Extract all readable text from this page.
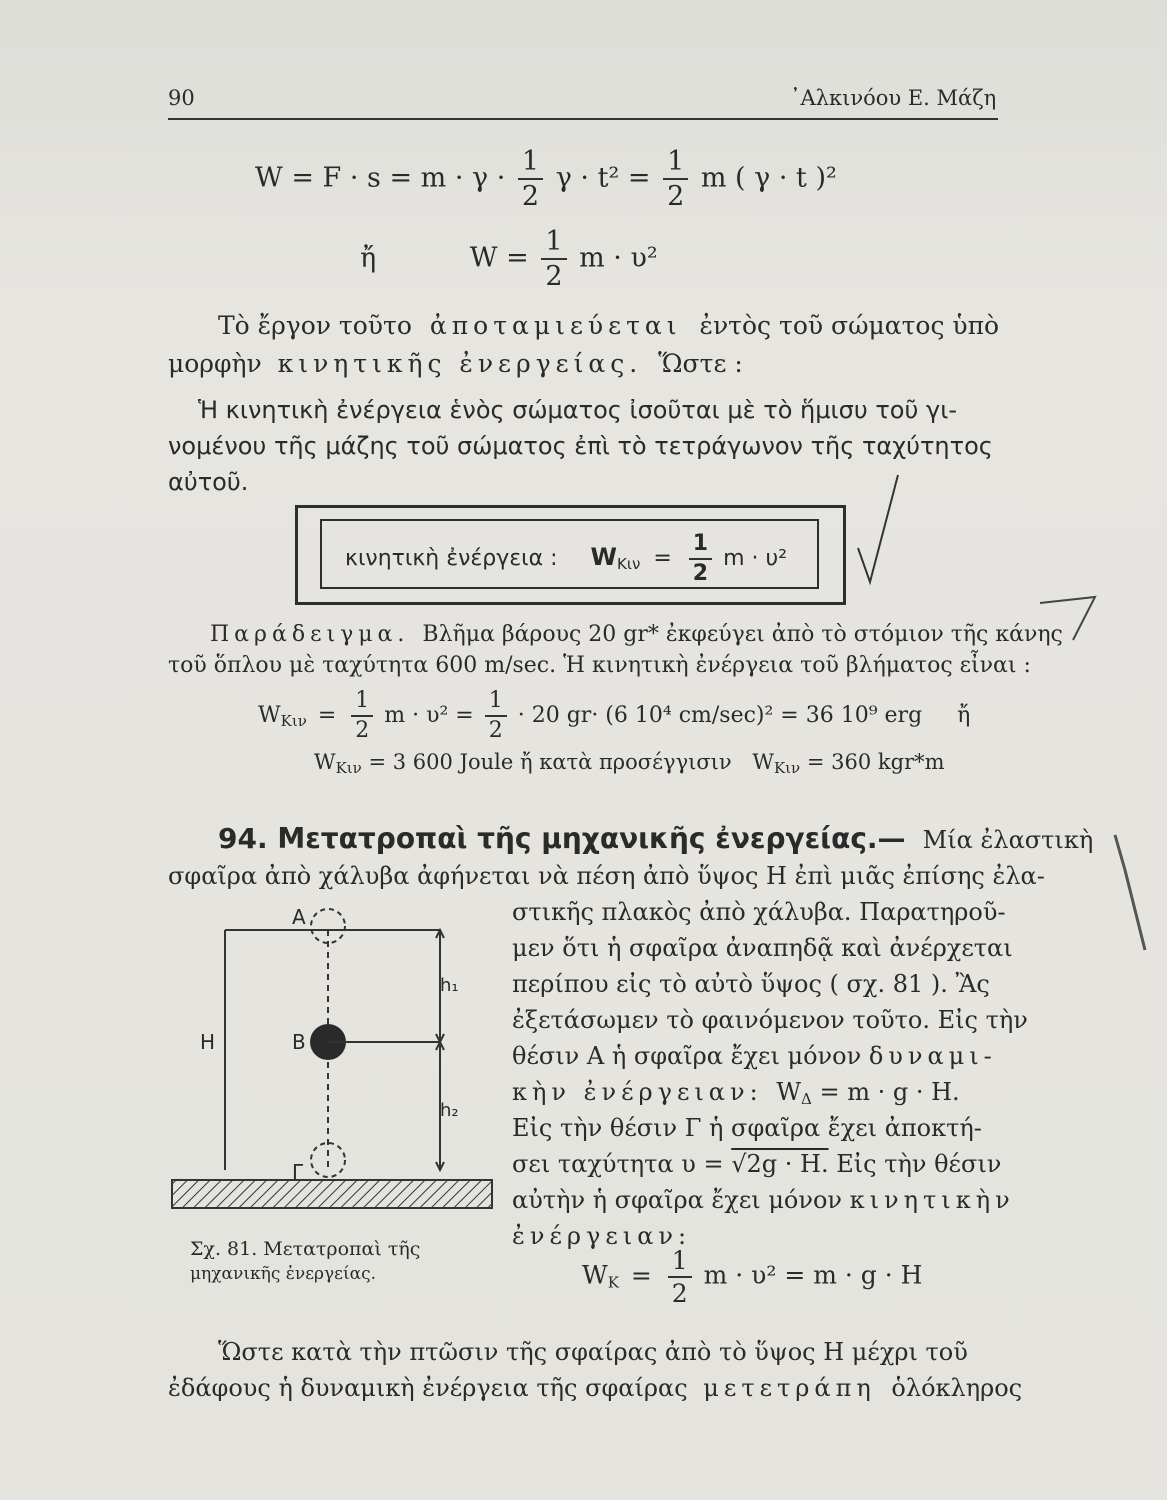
90	᾿Αλκινόου Ε. Μάζη
$W = F \cdot s = m \cdot \gamma \cdot \frac{1}{2}$ $\gamma \cdot t^2 = \frac{1}{2}$ m ( γ · t )²
ἤ	$W = \frac{1}{2}$ m · υ²
Τὸ ἔργον τοῦτο ἀποταμιεύεται ἐντὸς τοῦ σώματος ὑπὸ
μορφὴν κινητικῆς ἐνεργείας. Ὥστε :
Ἡ κινητικὴ ἐνέργεια ἑνὸς σώματος ἰσοῦται μὲ τὸ ἥμισυ τοῦ γι-
νομένου τῆς μάζης τοῦ σώματος ἐπὶ τὸ τετράγωνον τῆς ταχύτητος
αὐτοῦ.
κινητικὴ ἐνέργεια : $W_{K\iota\nu} = \frac{1}{2}$ m · υ²
Παράδειγμα. Βλῆμα βάρους 20 gr* ἐκφεύγει ἀπὸ τὸ στόμιον τῆς κάνης
τοῦ ὅπλου μὲ ταχύτητα 600 m/sec. Ἡ κινητικὴ ἐνέργεια τοῦ βλήματος εἶναι :
$W_{K\iota\nu} = \frac{1}{2}$ $m \cdot \upsilon^2 = \frac{1}{2} \cdot 20$ gr· (6 10⁴ cm/sec)² = 36 10⁹ erg ἤ
$W_{K\iota\nu} = 3$ 600 Joule ἤ κατὰ προσέγγισιν $W_{K\iota\nu} = 360$ kgr*m
94. Μετατροπαὶ τῆς μηχανικῆς ἐνεργείας.— Μία ἐλαστικὴ
σφαῖρα ἀπὸ χάλυβα ἀφήνεται νὰ πέση ἀπὸ ὕψος Η ἐπὶ μιᾶς ἐπίσης ἐλα-
στικῆς πλακὸς ἀπὸ χάλυβα. Παρατηροῦ-
μεν ὅτι ἡ σφαῖρα ἀναπηδᾷ καὶ ἀνέρχεται
περίπου εἰς τὸ αὐτὸ ὕψος ( σχ. 81 ). Ἂς
ἐξετάσωμεν τὸ φαινόμενον τοῦτο. Εἰς τὴν
θέσιν Α ἡ σφαῖρα ἔχει μόνον δυναμι-
κὴν ἐνέργειαν: $W_\Delta = m \cdot g \cdot H$.
Εἰς τὴν θέσιν Γ ἡ σφαῖρα ἔχει ἀποκτή-
σει ταχύτητα υ = √2g · H. Εἰς τὴν θέσιν
αὐτὴν ἡ σφαῖρα ἔχει μόνον κινητικὴν
ἐνέργειαν:
$W_K = \frac{1}{2}$ m · υ² = m · g · H
Ὥστε κατὰ τὴν πτῶσιν τῆς σφαίρας ἀπὸ τὸ ὕψος Η μέχρι τοῦ
ἐδάφους ἡ δυναμικὴ ἐνέργεια τῆς σφαίρας μετετράπη ὁλόκληρος
A
B
Γ
H
h₁
h₂
Σχ. 81. Μετατροπαὶ τῆς
μηχανικῆς ἐνεργείας.
